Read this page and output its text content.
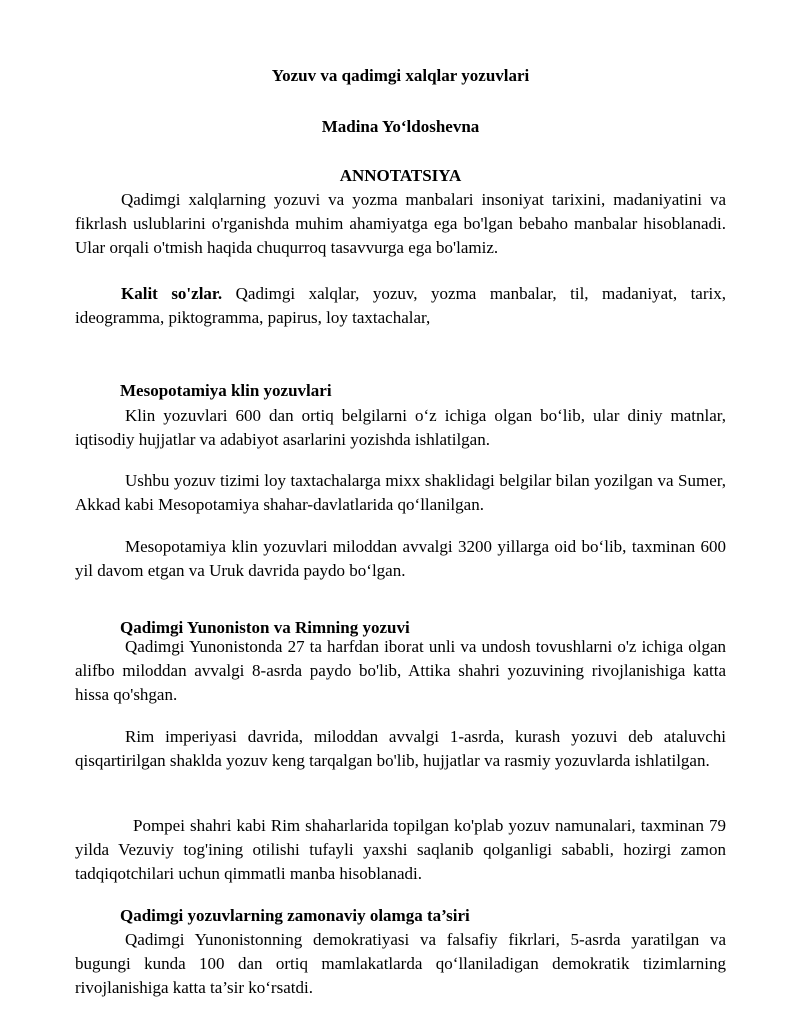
Yozuv va qadimgi xalqlar yozuvlari
Madina Yo‘ldoshevna
ANNOTATSIYA

Qadimgi xalqlarning yozuvi va yozma manbalari insoniyat tarixini, madaniyatini va fikrlash uslublarini o'rganishda muhim ahamiyatga ega bo'lgan bebaho manbalar hisoblanadi. Ular orqali o'tmish haqida chuqurroq tasavvurga ega bo'lamiz.

Kalit so'zlar. Qadimgi xalqlar, yozuv, yozma manbalar, til, madaniyat, tarix, ideogramma, piktogramma, papirus, loy taxtachalar,

Mesopotamiya klin yozuvlari

Klin yozuvlari 600 dan ortiq belgilarni o‘z ichiga olgan bo‘lib, ular diniy matnlar, iqtisodiy hujjatlar va adabiyot asarlarini yozishda ishlatilgan.

Ushbu yozuv tizimi loy taxtachalarga mixx shaklidagi belgilar bilan yozilgan va Sumer, Akkad kabi Mesopotamiya shahar-davlatlarida qo‘llanilgan.

Mesopotamiya klin yozuvlari miloddan avvalgi 3200 yillarga oid bo‘lib, taxminan 600 yil davom etgan va Uruk davrida paydo bo‘lgan.

Qadimgi Yunoniston va Rimning yozuvi

Qadimgi Yunonistonda 27 ta harfdan iborat unli va undosh tovushlarni o'z ichiga olgan alifbo miloddan avvalgi 8-asrda paydo bo'lib, Attika shahri yozuvining rivojlanishiga katta hissa qo'shgan.

Rim imperiyasi davrida, miloddan avvalgi 1-asrda, kurash yozuvi deb ataluvchi qisqartirilgan shaklda yozuv keng tarqalgan bo'lib, hujjatlar va rasmiy yozuvlarda ishlatilgan.

Pompei shahri kabi Rim shaharlarida topilgan ko'plab yozuv namunalari, taxminan 79 yilda Vezuviy tog'ining otilishi tufayli yaxshi saqlanib qolganligi sababli, hozirgi zamon tadqiqotchilari uchun qimmatli manba hisoblanadi.

Qadimgi yozuvlarning zamonaviy olamga ta’siri

Qadimgi Yunonistonning demokratiyasi va falsafiy fikrlari, 5-asrda yaratilgan va bugungi kunda 100 dan ortiq mamlakatlarda qo‘llaniladigan demokratik tizimlarning rivojlanishiga katta ta’sir ko‘rsatdi.
